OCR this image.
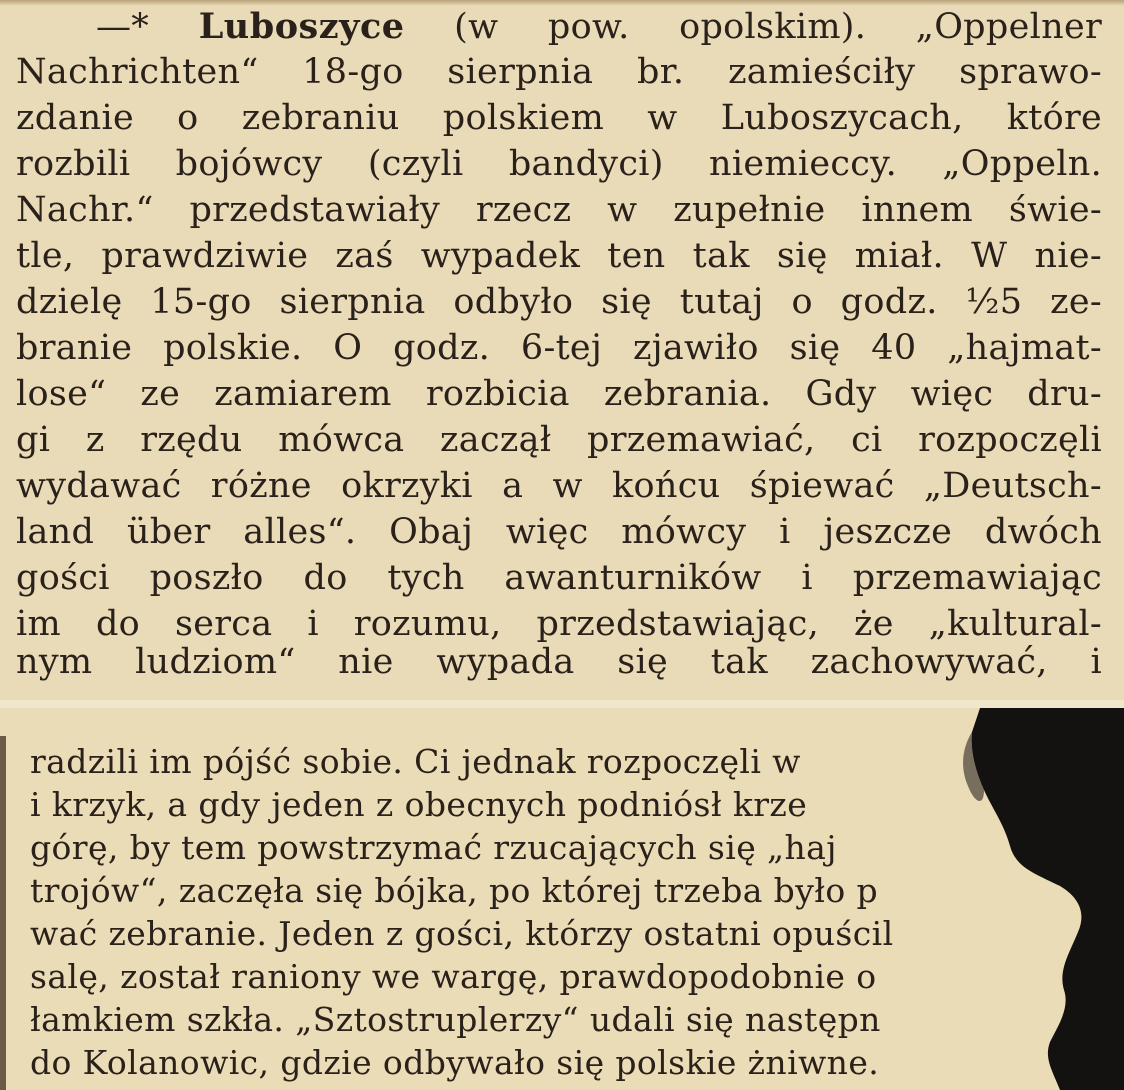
—* Luboszyce (w pow. opolskim). „Oppelner
Nachrichten“ 18-go sierpnia br. zamieściły sprawo-
zdanie o zebraniu polskiem w Luboszycach, które
rozbili bojówcy (czyli bandyci) niemieccy. „Oppeln.
Nachr.“ przedstawiały rzecz w zupełnie innem świe-
tle, prawdziwie zaś wypadek ten tak się miał. W nie-
dzielę 15-go sierpnia odbyło się tutaj o godz. ½5 ze-
branie polskie. O godz. 6-tej zjawiło się 40 „hajmat-
lose“ ze zamiarem rozbicia zebrania. Gdy więc dru-
gi z rzędu mówca zaczął przemawiać, ci rozpoczęli
wydawać różne okrzyki a w końcu śpiewać „Deutsch-
land über alles“. Obaj więc mówcy i jeszcze dwóch
gości poszło do tych awanturników i przemawiając
im do serca i rozumu, przedstawiając, że „kultural-
nym ludziom“ nie wypada się tak zachowywać, i
radzili im pójść sobie. Ci jednak rozpoczęli w
i krzyk, a gdy jeden z obecnych podniósł krze
górę, by tem powstrzymać rzucających się „haj
trojów“, zaczęła się bójka, po której trzeba było p
wać zebranie. Jeden z gości, którzy ostatni opuścil
salę, został raniony we wargę, prawdopodobnie o
łamkiem szkła. „Sztostruplerzy“ udali się następn
do Kolanowic, gdzie odbywało się polskie żniwne.
